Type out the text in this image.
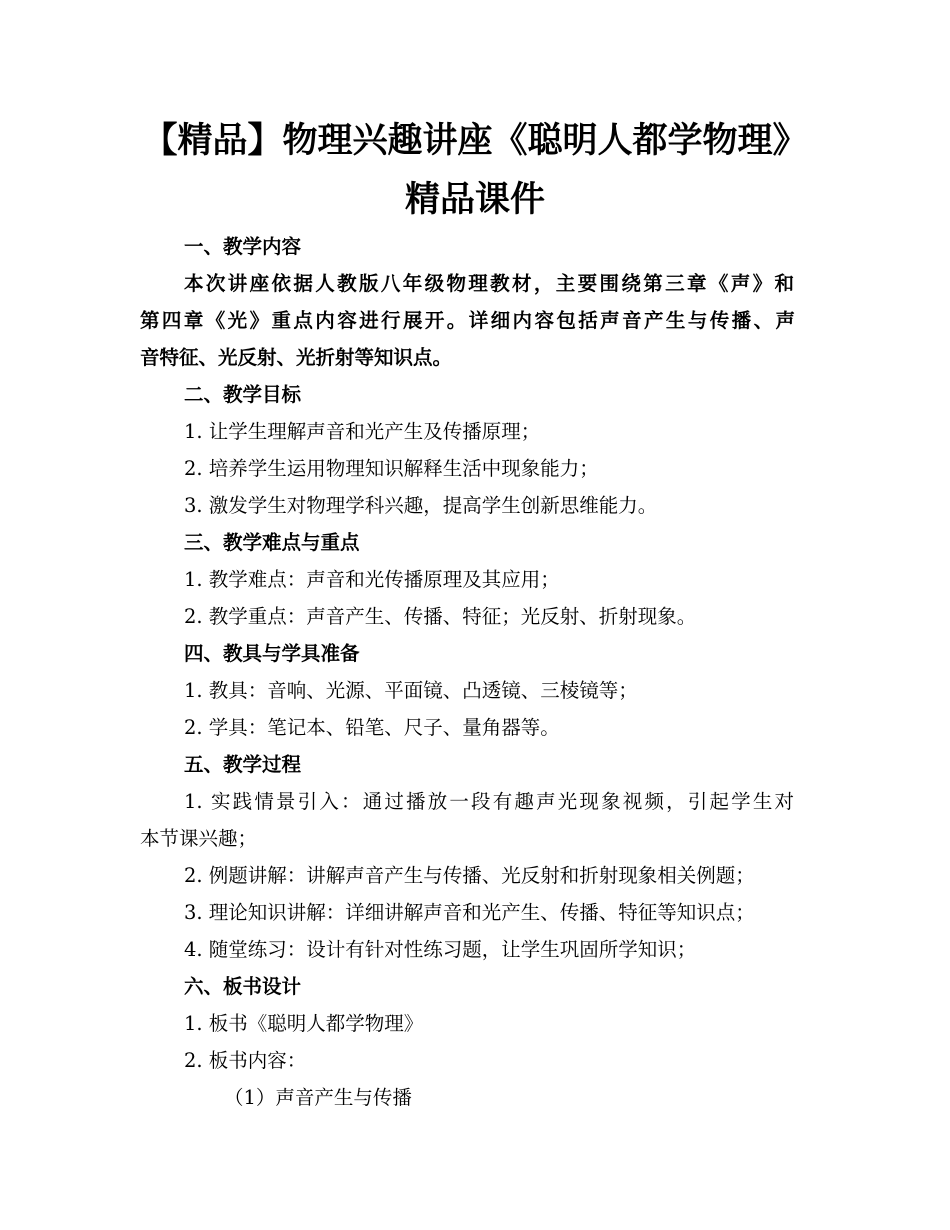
【精品】物理兴趣讲座《聪明人都学物理》
精品课件

一、教学内容

本次讲座依据人教版八年级物理教材，主要围绕第三章《声》和

第四章《光》重点内容进行展开。详细内容包括声音产生与传播、声

音特征、光反射、光折射等知识点。

二、教学目标

1. 让学生理解声音和光产生及传播原理；

2. 培养学生运用物理知识解释生活中现象能力；

3. 激发学生对物理学科兴趣，提高学生创新思维能力。

三、教学难点与重点

1. 教学难点：声音和光传播原理及其应用；

2. 教学重点：声音产生、传播、特征；光反射、折射现象。

四、教具与学具准备

1. 教具：音响、光源、平面镜、凸透镜、三棱镜等；

2. 学具：笔记本、铅笔、尺子、量角器等。

五、教学过程

1. 实践情景引入：通过播放一段有趣声光现象视频，引起学生对

本节课兴趣；

2. 例题讲解：讲解声音产生与传播、光反射和折射现象相关例题；

3. 理论知识讲解：详细讲解声音和光产生、传播、特征等知识点；

4. 随堂练习：设计有针对性练习题，让学生巩固所学知识；

六、板书设计

1. 板书《聪明人都学物理》

2. 板书内容：

（1）声音产生与传播
